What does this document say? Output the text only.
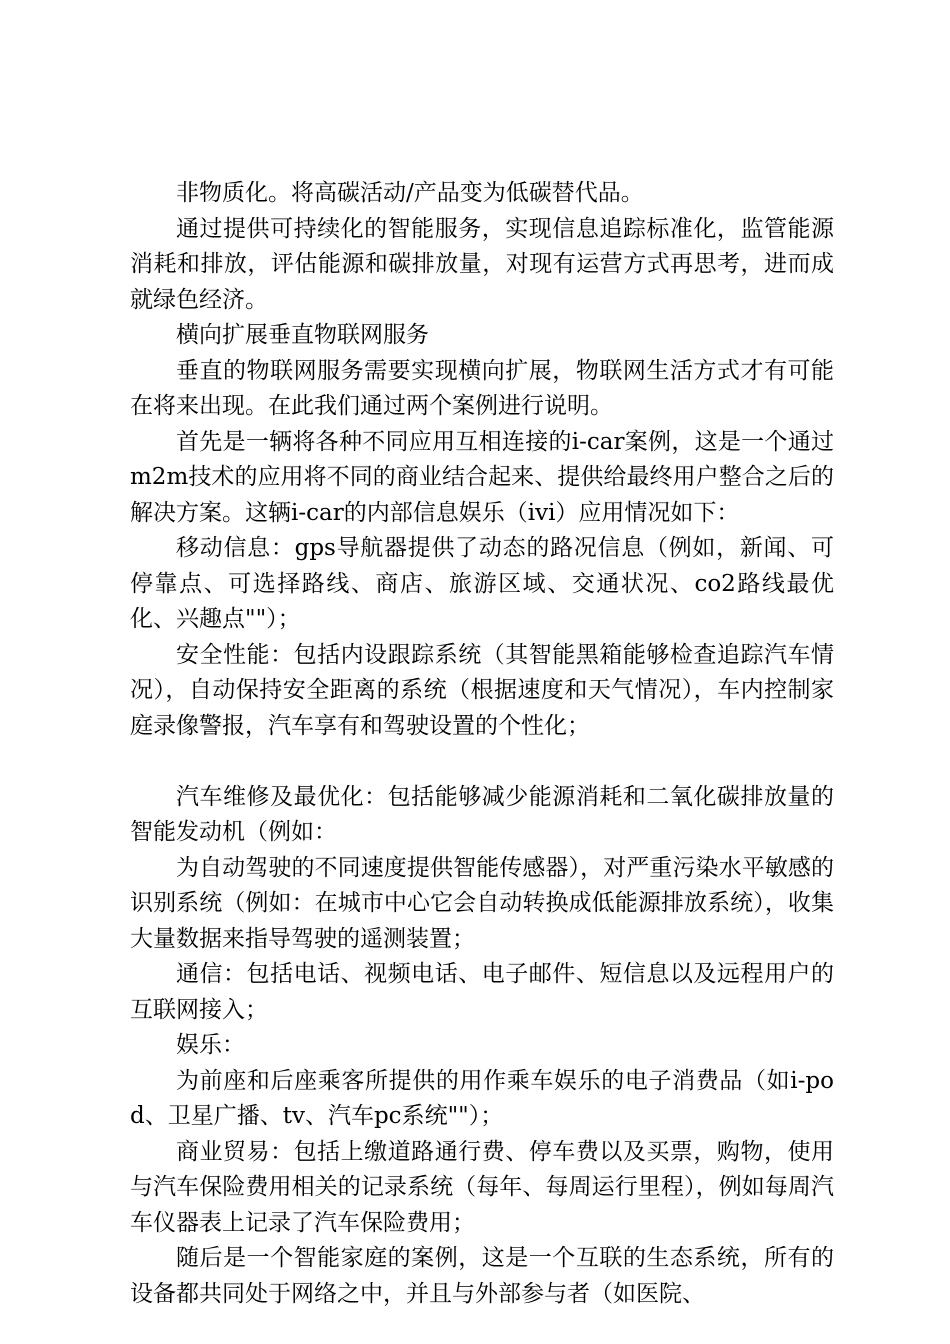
非物质化。将高碳活动/产品变为低碳替代品。

通过提供可持续化的智能服务，实现信息追踪标准化，监管能源消耗和排放，评估能源和碳排放量，对现有运营方式再思考，进而成就绿色经济。

横向扩展垂直物联网服务

垂直的物联网服务需要实现横向扩展，物联网生活方式才有可能在将来出现。在此我们通过两个案例进行说明。

首先是一辆将各种不同应用互相连接的i-car案例，这是一个通过m2m技术的应用将不同的商业结合起来、提供给最终用户整合之后的解决方案。这辆i-car的内部信息娱乐（ivi）应用情况如下：

移动信息：gps导航器提供了动态的路况信息（例如，新闻、可停靠点、可选择路线、商店、旅游区域、交通状况、co2路线最优化、兴趣点""）；

安全性能：包括内设跟踪系统（其智能黑箱能够检查追踪汽车情况），自动保持安全距离的系统（根据速度和天气情况），车内控制家庭录像警报，汽车享有和驾驶设置的个性化；

汽车维修及最优化：包括能够减少能源消耗和二氧化碳排放量的智能发动机（例如：

为自动驾驶的不同速度提供智能传感器），对严重污染水平敏感的识别系统（例如：在城市中心它会自动转换成低能源排放系统），收集大量数据来指导驾驶的遥测装置；

通信：包括电话、视频电话、电子邮件、短信息以及远程用户的互联网接入；

娱乐：

为前座和后座乘客所提供的用作乘车娱乐的电子消费品（如i-pod、卫星广播、tv、汽车pc系统""）；

商业贸易：包括上缴道路通行费、停车费以及买票，购物，使用与汽车保险费用相关的记录系统（每年、每周运行里程），例如每周汽车仪器表上记录了汽车保险费用；

随后是一个智能家庭的案例，这是一个互联的生态系统，所有的设备都共同处于网络之中，并且与外部参与者（如医院、
